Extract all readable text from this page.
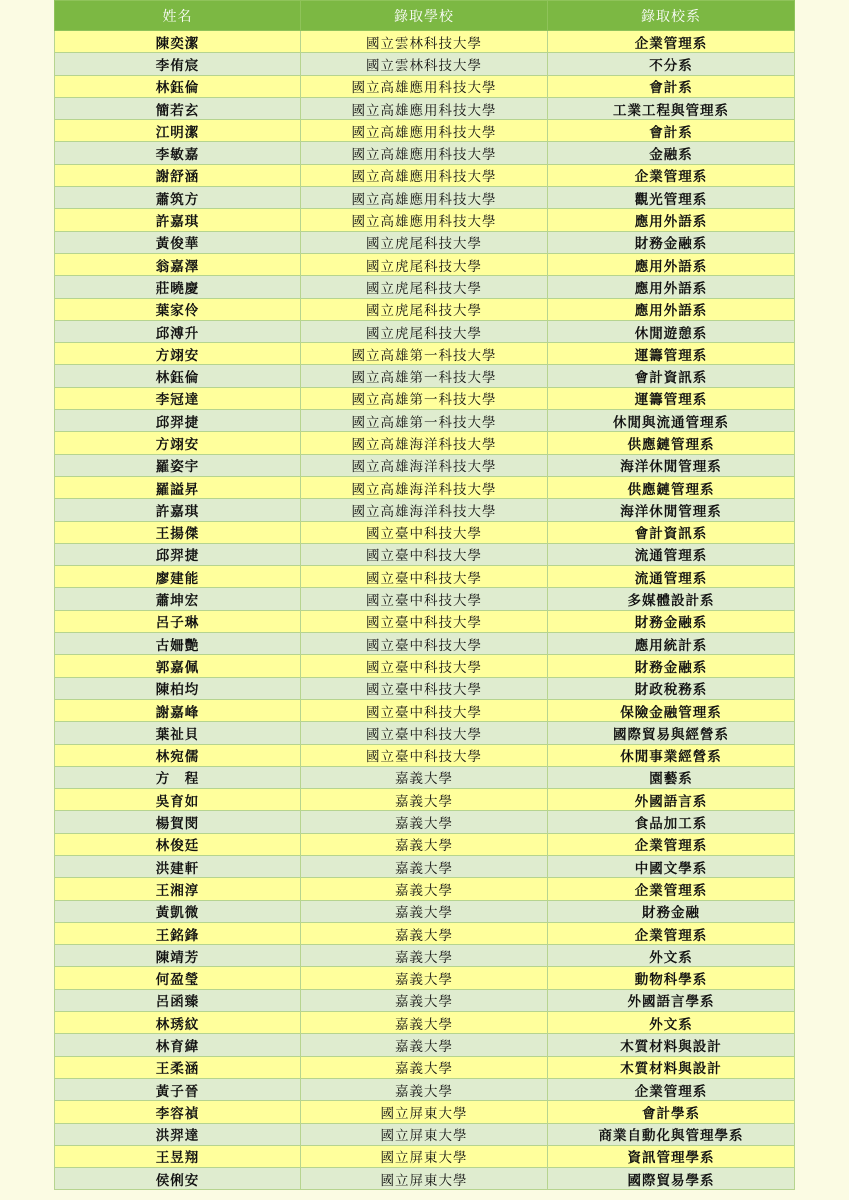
姓名	錄取學校	錄取校系
陳奕潔	國立雲林科技大學	企業管理系
李侑宸	國立雲林科技大學	不分系
林鈺倫	國立高雄應用科技大學	會計系
簡若玄	國立高雄應用科技大學	工業工程與管理系
江明潔	國立高雄應用科技大學	會計系
李敏嘉	國立高雄應用科技大學	金融系
謝舒涵	國立高雄應用科技大學	企業管理系
蕭筑方	國立高雄應用科技大學	觀光管理系
許嘉琪	國立高雄應用科技大學	應用外語系
黃俊華	國立虎尾科技大學	財務金融系
翁嘉澤	國立虎尾科技大學	應用外語系
莊曉慶	國立虎尾科技大學	應用外語系
葉家伶	國立虎尾科技大學	應用外語系
邱溥升	國立虎尾科技大學	休閒遊憩系
方翊安	國立高雄第一科技大學	運籌管理系
林鈺倫	國立高雄第一科技大學	會計資訊系
李冠達	國立高雄第一科技大學	運籌管理系
邱羿捷	國立高雄第一科技大學	休閒與流通管理系
方翊安	國立高雄海洋科技大學	供應鏈管理系
羅姿宇	國立高雄海洋科技大學	海洋休閒管理系
羅謚昇	國立高雄海洋科技大學	供應鏈管理系
許嘉琪	國立高雄海洋科技大學	海洋休閒管理系
王揚傑	國立臺中科技大學	會計資訊系
邱羿捷	國立臺中科技大學	流通管理系
廖建能	國立臺中科技大學	流通管理系
蕭坤宏	國立臺中科技大學	多媒體設計系
呂子琳	國立臺中科技大學	財務金融系
古姍艷	國立臺中科技大學	應用統計系
郭嘉佩	國立臺中科技大學	財務金融系
陳柏均	國立臺中科技大學	財政稅務系
謝嘉峰	國立臺中科技大學	保險金融管理系
葉祉貝	國立臺中科技大學	國際貿易與經營系
林宛儒	國立臺中科技大學	休閒事業經營系
方　程	嘉義大學	園藝系
吳育如	嘉義大學	外國語言系
楊賀閔	嘉義大學	食品加工系
林俊廷	嘉義大學	企業管理系
洪建軒	嘉義大學	中國文學系
王湘淳	嘉義大學	企業管理系
黃凱微	嘉義大學	財務金融
王銘鋒	嘉義大學	企業管理系
陳靖芳	嘉義大學	外文系
何盈瑩	嘉義大學	動物科學系
呂函臻	嘉義大學	外國語言學系
林琇紋	嘉義大學	外文系
林育緯	嘉義大學	木質材料與設計
王柔涵	嘉義大學	木質材料與設計
黃子晉	嘉義大學	企業管理系
李容禎	國立屏東大學	會計學系
洪羿達	國立屏東大學	商業自動化與管理學系
王昱翔	國立屏東大學	資訊管理學系
侯俐安	國立屏東大學	國際貿易學系
